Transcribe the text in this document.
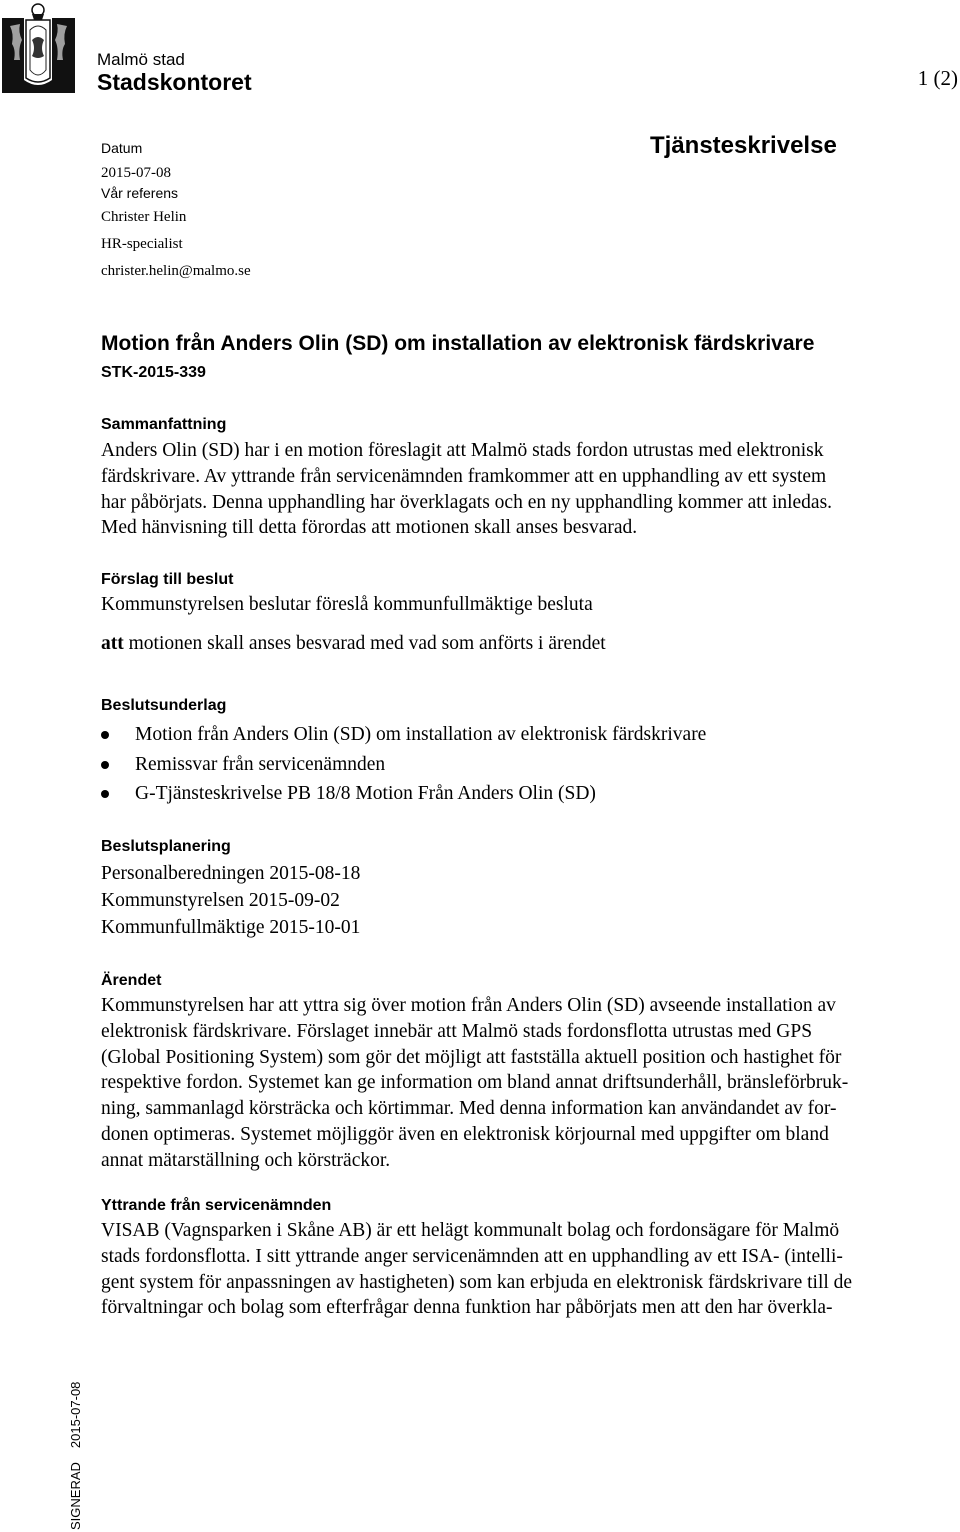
Malmö stad
Stadskontoret	1 (2)
Datum
2015-07-08
Vår referens
Christer Helin
HR-specialist
christer.helin@malmo.se
Tjänsteskrivelse
Motion från Anders Olin (SD) om installation av elektronisk färdskrivare
STK-2015-339
Sammanfattning
Anders Olin (SD) har i en motion föreslagit att Malmö stads fordon utrustas med elektronisk
färdskrivare. Av yttrande från servicenämnden framkommer att en upphandling av ett system
har påbörjats. Denna upphandling har överklagats och en ny upphandling kommer att inledas.
Med hänvisning till detta förordas att motionen skall anses besvarad.
Förslag till beslut
Kommunstyrelsen beslutar föreslå kommunfullmäktige besluta
att motionen skall anses besvarad med vad som anförts i ärendet
Beslutsunderlag
Motion från Anders Olin (SD) om installation av elektronisk färdskrivare
Remissvar från servicenämnden
G-Tjänsteskrivelse PB 18/8 Motion Från Anders Olin (SD)
Beslutsplanering
Personalberedningen 2015-08-18
Kommunstyrelsen 2015-09-02
Kommunfullmäktige 2015-10-01
Ärendet
Kommunstyrelsen har att yttra sig över motion från Anders Olin (SD) avseende installation av
elektronisk färdskrivare. Förslaget innebär att Malmö stads fordonsflotta utrustas med GPS
(Global Positioning System) som gör det möjligt att fastställa aktuell position och hastighet för
respektive fordon. Systemet kan ge information om bland annat driftsunderhåll, bränsleförbruk-
ning, sammanlagd körsträcka och körtimmar. Med denna information kan användandet av for-
donen optimeras. Systemet möjliggör även en elektronisk körjournal med uppgifter om bland
annat mätarställning och körsträckor.
Yttrande från servicenämnden
VISAB (Vagnsparken i Skåne AB) är ett helägt kommunalt bolag och fordonsägare för Malmö
stads fordonsflotta. I sitt yttrande anger servicenämnden att en upphandling av ett ISA- (intelli-
gent system för anpassningen av hastigheten) som kan erbjuda en elektronisk färdskrivare till de
förvaltningar och bolag som efterfrågar denna funktion har påbörjats men att den har överkla-
SIGNERAD2015-07-08
